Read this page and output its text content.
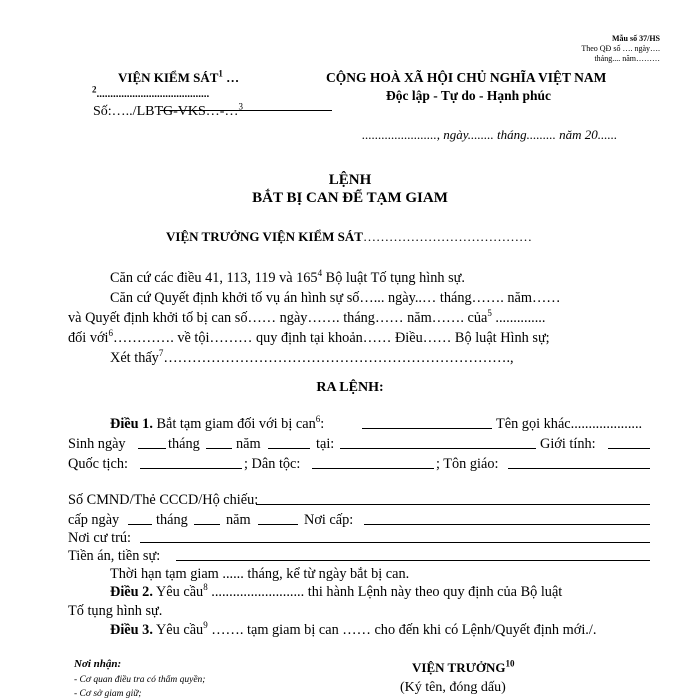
Mẫu số 37/HS
Theo QĐ số …. ngày….
tháng.... năm………
VIỆN KIỂM SÁT$^1$ …
$^2$.........................................
Số:…../LBTG-VKS…-…$^3$
CỘNG HOÀ XÃ HỘI CHỦ NGHĨA VIỆT NAM
Độc lập - Tự do - Hạnh phúc
......................., ngày........ tháng......... năm 20......
LỆNH
BẮT BỊ CAN ĐỂ TẠM GIAM
VIỆN TRƯỞNG VIỆN KIỂM SÁT…………………………………
Căn cứ các điều 41, 113, 119 và $165^4$ Bộ luật Tố tụng hình sự.
Căn cứ Quyết định khởi tố vụ án hình sự số…... ngày..… tháng……. năm……
và Quyết định khởi tố bị can số…… ngày……. tháng…… năm……. của$^5$ ..............
đối với$^6$…………. về tội……… quy định tại khoản…… Điều…… Bộ luật Hình sự;
Xét thấy$^7$……………………………………………………………….,
RA LỆNH:
Điều 1. Bắt tạm giam đối với bị can$^6$:	Tên gọi khác....................
Sinh ngày	tháng	năm	tại:	Giới tính:
Quốc tịch:	; Dân tộc:	; Tôn giáo:
Số CMND/Thẻ CCCD/Hộ chiếu:
cấp ngày	tháng	năm	Nơi cấp:
Nơi cư trú:
Tiền án, tiền sự:
Thời hạn tạm giam ...... tháng, kể từ ngày bắt bị can.
Điều 2. Yêu cầu$^8$ .......................... thi hành Lệnh này theo quy định của Bộ luật
Tố tụng hình sự.
Điều 3. Yêu cầu$^9$ ……. tạm giam bị can …… cho đến khi có Lệnh/Quyết định mới./.
Nơi nhận:
- Cơ quan điều tra có thẩm quyền;
- Cơ sở giam giữ;
VIỆN TRƯỞNG$^{10}$
(Ký tên, đóng dấu)
